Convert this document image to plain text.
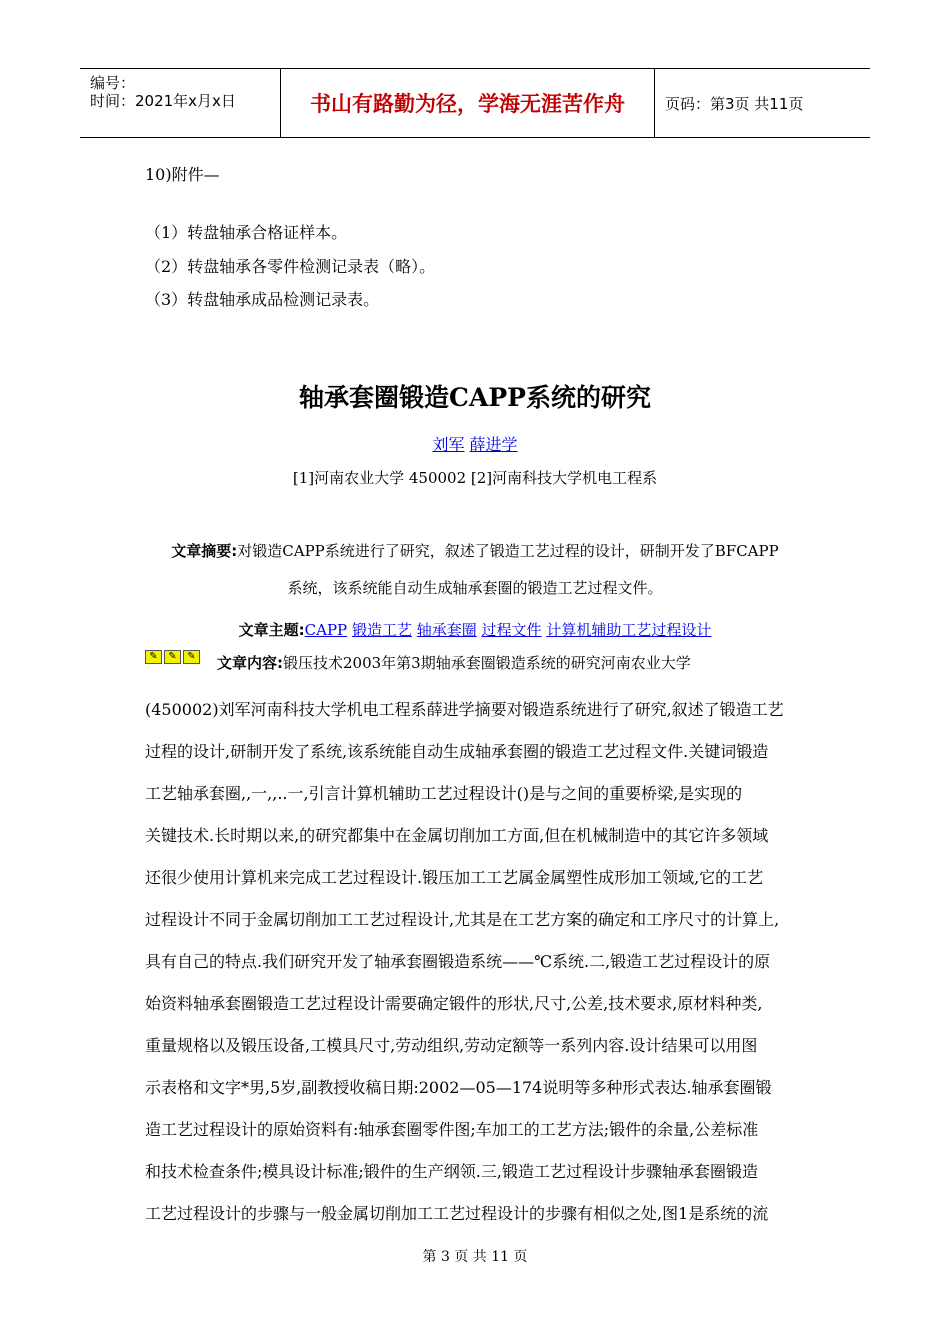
编号：
时间：2021年x月x日	书山有路勤为径，学海无涯苦作舟	页码：第3页 共11页
10)附件—
（1）转盘轴承合格证样本。
（2）转盘轴承各零件检测记录表（略）。
（3）转盘轴承成品检测记录表。
轴承套圈锻造CAPP系统的研究
刘军 薛进学
[1]河南农业大学 450002 [2]河南科技大学机电工程系
文章摘要:对锻造CAPP系统进行了研究，叙述了锻造工艺过程的设计，研制开发了BFCAPP
系统，该系统能自动生成轴承套圈的锻造工艺过程文件。
文章主题:CAPP 锻造工艺 轴承套圈 过程文件 计算机辅助工艺过程设计
✎	✎	✎ 文章内容:锻压技术2003年第3期轴承套圈锻造系统的研究河南农业大学
(450002)刘军河南科技大学机电工程系薛进学摘要对锻造系统进行了研究,叙述了锻造工艺
过程的设计,研制开发了系统,该系统能自动生成轴承套圈的锻造工艺过程文件.关键词锻造
工艺轴承套圈,,一,,..一,引言计算机辅助工艺过程设计()是与之间的重要桥梁,是实现的
关键技术.长时期以来,的研究都集中在金属切削加工方面,但在机械制造中的其它许多领域
还很少使用计算机来完成工艺过程设计.锻压加工工艺属金属塑性成形加工领域,它的工艺
过程设计不同于金属切削加工工艺过程设计,尤其是在工艺方案的确定和工序尺寸的计算上,
具有自己的特点.我们研究开发了轴承套圈锻造系统——℃系统.二,锻造工艺过程设计的原
始资料轴承套圈锻造工艺过程设计需要确定锻件的形状,尺寸,公差,技术要求,原材料种类,
重量规格以及锻压设备,工模具尺寸,劳动组织,劳动定额等一系列内容.设计结果可以用图
示表格和文字*男,5岁,副教授收稿日期:2002—05—174说明等多种形式表达.轴承套圈锻
造工艺过程设计的原始资料有:轴承套圈零件图;车加工的工艺方法;锻件的余量,公差标准
和技术检查条件;模具设计标准;锻件的生产纲领.三,锻造工艺过程设计步骤轴承套圈锻造
工艺过程设计的步骤与一般金属切削加工工艺过程设计的步骤有相似之处,图1是系统的流
第 3 页 共 11 页
